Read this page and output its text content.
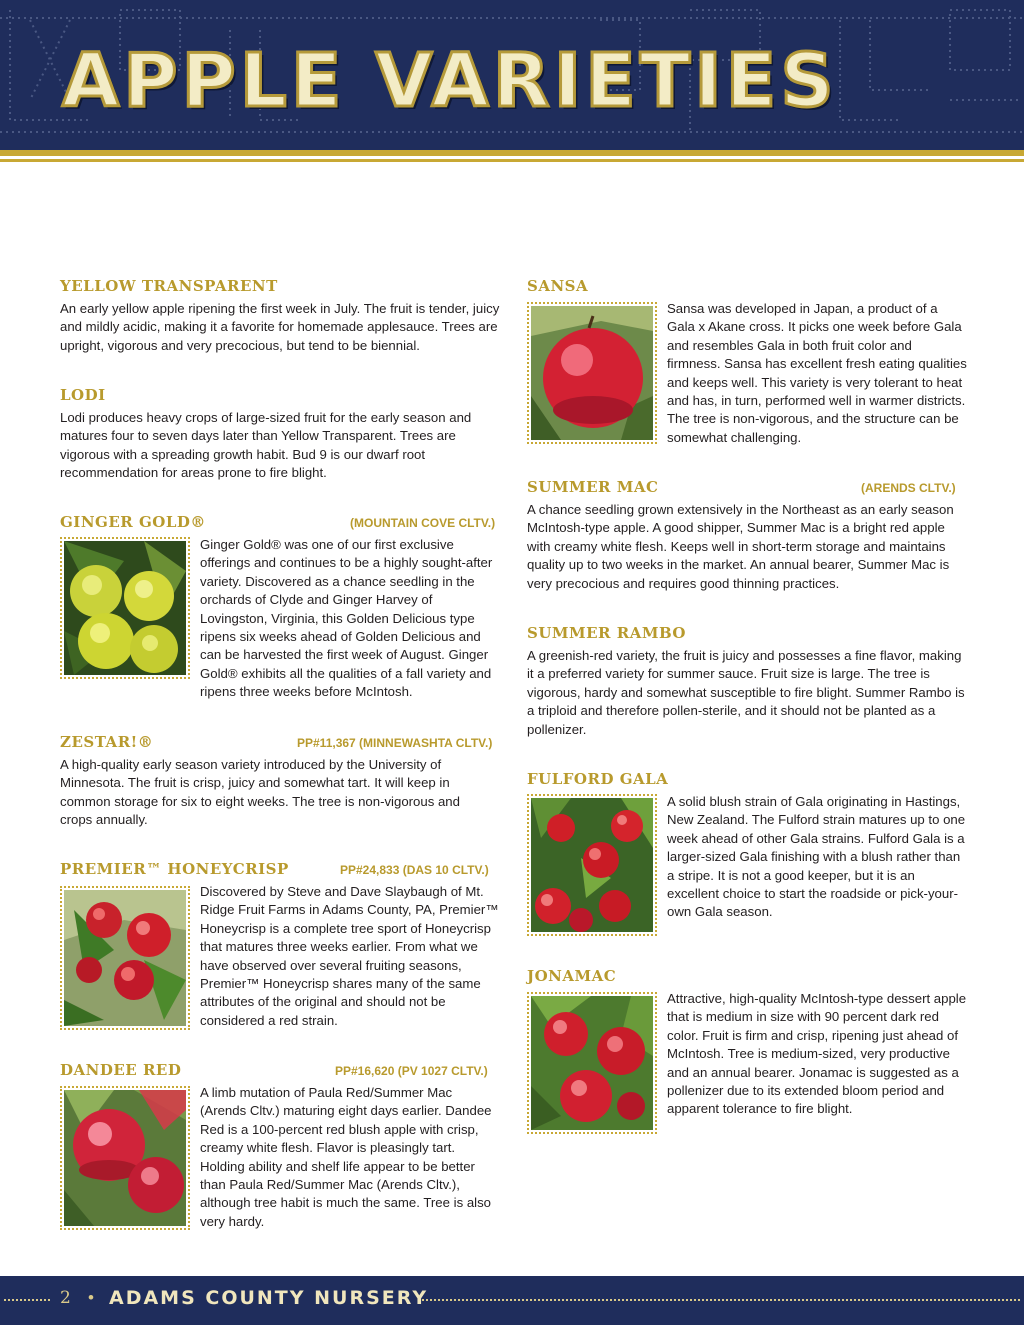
APPLE VARIETIES
YELLOW TRANSPARENT
An early yellow apple ripening the first week in July. The fruit is tender, juicy and mildly acidic, making it a favorite for homemade applesauce. Trees are upright, vigorous and very precocious, but tend to be biennial.
LODI
Lodi produces heavy crops of large-sized fruit for the early season and matures four to seven days later than Yellow Transparent. Trees are vigorous with a spreading growth habit. Bud 9 is our dwarf root recommendation for areas prone to fire blight.
GINGER GOLD®	(MOUNTAIN COVE CLTV.)
Ginger Gold® was one of our first exclusive offerings and continues to be a highly sought-after variety. Discovered as a chance seedling in the orchards of Clyde and Ginger Harvey of Lovingston, Virginia, this Golden Delicious type ripens six weeks ahead of Golden Delicious and can be harvested the first week of August. Ginger Gold® exhibits all the qualities of a fall variety and ripens three weeks before McIntosh.
ZESTAR!®	PP#11,367 (MINNEWASHTA CLTV.)
A high-quality early season variety introduced by the University of Minnesota. The fruit is crisp, juicy and somewhat tart. It will keep in common storage for six to eight weeks. The tree is non-vigorous and crops annually.
PREMIER™ HONEYCRISP	PP#24,833 (DAS 10 CLTV.)
Discovered by Steve and Dave Slaybaugh of Mt. Ridge Fruit Farms in Adams County, PA, Premier™ Honeycrisp is a complete tree sport of Honeycrisp that matures three weeks earlier. From what we have observed over several fruiting seasons, Premier™ Honeycrisp shares many of the same attributes of the original and should not be considered a red strain.
DANDEE RED	PP#16,620 (PV 1027 CLTV.)
A limb mutation of Paula Red/Summer Mac (Arends Cltv.) maturing eight days earlier. Dandee Red is a 100-percent red blush apple with crisp, creamy white flesh. Flavor is pleasingly tart. Holding ability and shelf life appear to be better than Paula Red/Summer Mac (Arends Cltv.), although tree habit is much the same. Tree is also very hardy.
SANSA
Sansa was developed in Japan, a product of a Gala x Akane cross. It picks one week before Gala and resembles Gala in both fruit color and firmness. Sansa has excellent fresh eating qualities and keeps well. This variety is very tolerant to heat and has, in turn, performed well in warmer districts. The tree is non-vigorous, and the structure can be somewhat challenging.
SUMMER MAC	(ARENDS CLTV.)
A chance seedling grown extensively in the Northeast as an early season McIntosh-type apple. A good shipper, Summer Mac is a bright red apple with creamy white flesh. Keeps well in short-term storage and maintains quality up to two weeks in the market. An annual bearer, Summer Mac is very precocious and requires good thinning practices.
SUMMER RAMBO
A greenish-red variety, the fruit is juicy and possesses a fine flavor, making it a preferred variety for summer sauce. Fruit size is large. The tree is vigorous, hardy and somewhat susceptible to fire blight. Summer Rambo is a triploid and therefore pollen-sterile, and it should not be planted as a pollenizer.
FULFORD GALA
A solid blush strain of Gala originating in Hastings, New Zealand. The Fulford strain matures up to one week ahead of other Gala strains. Fulford Gala is a larger-sized Gala finishing with a blush rather than a stripe. It is not a good keeper, but it is an excellent choice to start the roadside or pick-your-own Gala season.
JONAMAC
Attractive, high-quality McIntosh-type dessert apple that is medium in size with 90 percent dark red color. Fruit is firm and crisp, ripening just ahead of McIntosh. Tree is medium-sized, very productive and an annual bearer. Jonamac is suggested as a pollenizer due to its extended bloom period and apparent tolerance to fire blight.
2 • ADAMS COUNTY NURSERY
